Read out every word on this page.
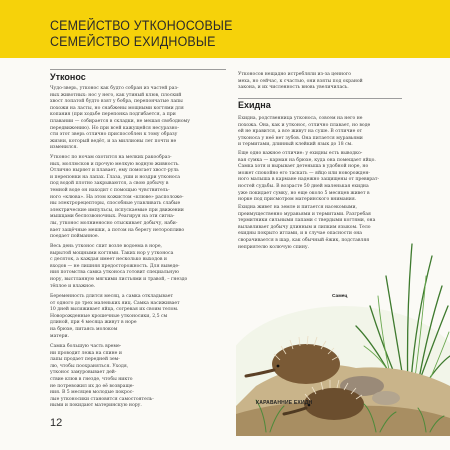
СЕМЕЙСТВО УТКОНОСОВЫЕ
СЕМЕЙСТВО ЕХИДНОВЫЕ
Утконос
Чудо-зверь, утконос как будто собран из частей раз-
ных животных: нос у него, как утиный клюв, плоский
хвост лопатой будто взят у бобра, перепончатые лапы
похожи на ласты, но снабжены мощными когтями для
копания (при ходьбе перепонка подгибается, а при
плавании — собирается в складки, не мешая свободному
передвижению). Но при всей кажущейся несуразно-
сти этот зверь отлично приспособлен к тому образу
жизни, который ведёт, и за миллионы лет почти не
изменился.
Утконос по ночам охотится на мелких ракообраз-
ных, моллюсков и прочую мелкую водную живность.
Отлично ныряет и плавает, ему помогает хвост-руль
и перепонки на лапах. Глаза, уши и ноздри утконоса
под водой плотно закрываются, а свою добычу в
темной воде он находит с помощью чувствитель-
ного «клюва». На этом кожистом «клюве» расположе-
ны электрорецепторы, способные улавливать слабые
электрические импульсы, испускаемые при движении
мышцами беспозвоночных. Реагируя на эти сигна-
лы, утконос молниеносно отыскивает добычу, наби-
вает защёчные мешки, а потом на берегу неторопливо
поедает пойманное.
Весь день утконос спит возле водоема в норе,
вырытой мощными когтями. Таких нор у утконоса
с десяток, а каждая имеет несколько выходов и
входов — не лишняя предосторожность. Для выведе-
ния потомства самка утконоса готовит специальную
нору, выстланную мягкими листьями и травой, – гнездо
тёплое и влажное.
Беременность длится месяц, а самка откладывает
от одного до трех маленьких яиц. Самка насиживает
10 дней высиживает яйца, согревая их своим телом.
Новорожденные крошечные утконосики, 2,5 см
длиной, при 4 месяца живут в норе
на брюхе, питаясь молоком
матери.
Самка большую часть време-
ни проводит лежа на спине и
лапы продает передней зем-
лю, чтобы поохраняться. Уходя,
утконос замуровывает дей-
ствие клюв в гнезде, чтобы никто
не потревожил их до её возвраще-
ния. В 5 месяцев молодые покрос-
лые утконосики становятся самостоятель-
ными и покидают материнскую нору.
Утконосов нещадно истребляли из-за ценного
меха, но сейчас, к счастью, они взяты под охраной
закона, и их численность вновь увеличилась.
Ехидна
Ехидна, родственница утконоса, совсем на него не
похожа. Она, как и утконос, отлично плавает, но воде
ей не нравится, а все живут на суше. В отличие от
утконоса у неё нет зубов. Она питается муравьями
и термитами, длинный клейкий язык до 18 см.
Еще одно важное отличие: у ехидны есть выводко-
вая сумка — карман на брюхе, куда она помещает яйцо.
Самка хотя и вырывает детеныша в удобной норе, но
может спокойно его таскать — яйцо или новорожден-
ного малыша в кармане надежно защищены от превврат-
ностей судьбы. В возрасте 50 дней маленькая ехидна
уже покидает сумку, но еще около 5 месяцев живет в
норке под присмотром материнского внимания.
Ехидна живет на земле и питается насекомыми,
преимущественно муравьями и термитами. Разгребая
термитники сильными лапами с твердыми когтями, она
вылавливает добычу длинным и липким языком. Тело
ехидны покрыто иглами, и в случае опасности она
сворачивается в шар, как обычный ёжик, подставляя
неприятелю колючую спину.
Самец
КАРАВАННИЕ ЕХИДН
12
